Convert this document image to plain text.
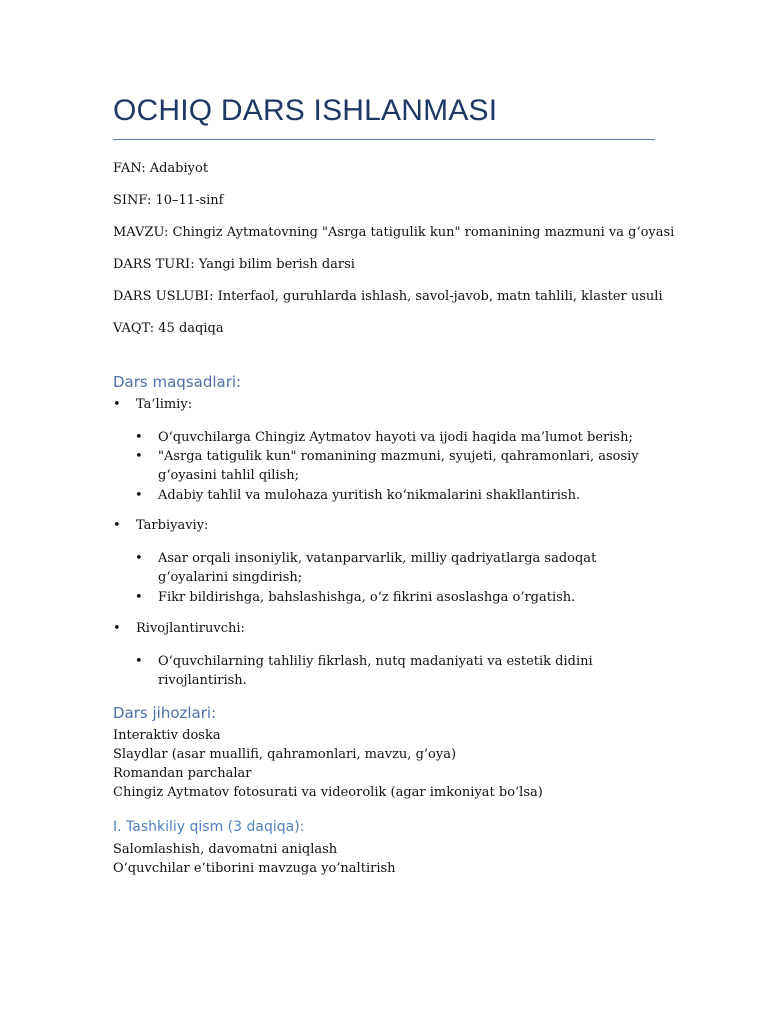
OCHIQ DARS ISHLANMASI
FAN: Adabiyot
SINF: 10–11-sinf
MAVZU: Chingiz Aytmatovning "Asrga tatigulik kun" romanining mazmuni va g‘oyasi
DARS TURI: Yangi bilim berish darsi
DARS USLUBI: Interfaol, guruhlarda ishlash, savol-javob, matn tahlili, klaster usuli
VAQT: 45 daqiqa
Dars maqsadlari:
• Ta’limiy:
• O‘quvchilarga Chingiz Aytmatov hayoti va ijodi haqida ma’lumot berish;
• "Asrga tatigulik kun" romanining mazmuni, syujeti, qahramonlari, asosiy g‘oyasini tahlil qilish;
• Adabiy tahlil va mulohaza yuritish ko‘nikmalarini shakllantirish.
• Tarbiyaviy:
• Asar orqali insoniylik, vatanparvarlik, milliy qadriyatlarga sadoqat g‘oyalarini singdirish;
• Fikr bildirishga, bahslashishga, o‘z fikrini asoslashga o‘rgatish.
• Rivojlantiruvchi:
• O‘quvchilarning tahliliy fikrlash, nutq madaniyati va estetik didini rivojlantirish.
Dars jihozlari:
Interaktiv doska
Slaydlar (asar muallifi, qahramonlari, mavzu, g‘oya)
Romandan parchalar
Chingiz Aytmatov fotosurati va videorolik (agar imkoniyat bo‘lsa)
I. Tashkiliy qism (3 daqiqa):
Salomlashish, davomatni aniqlash
O‘quvchilar e’tiborini mavzuga yo‘naltirish
